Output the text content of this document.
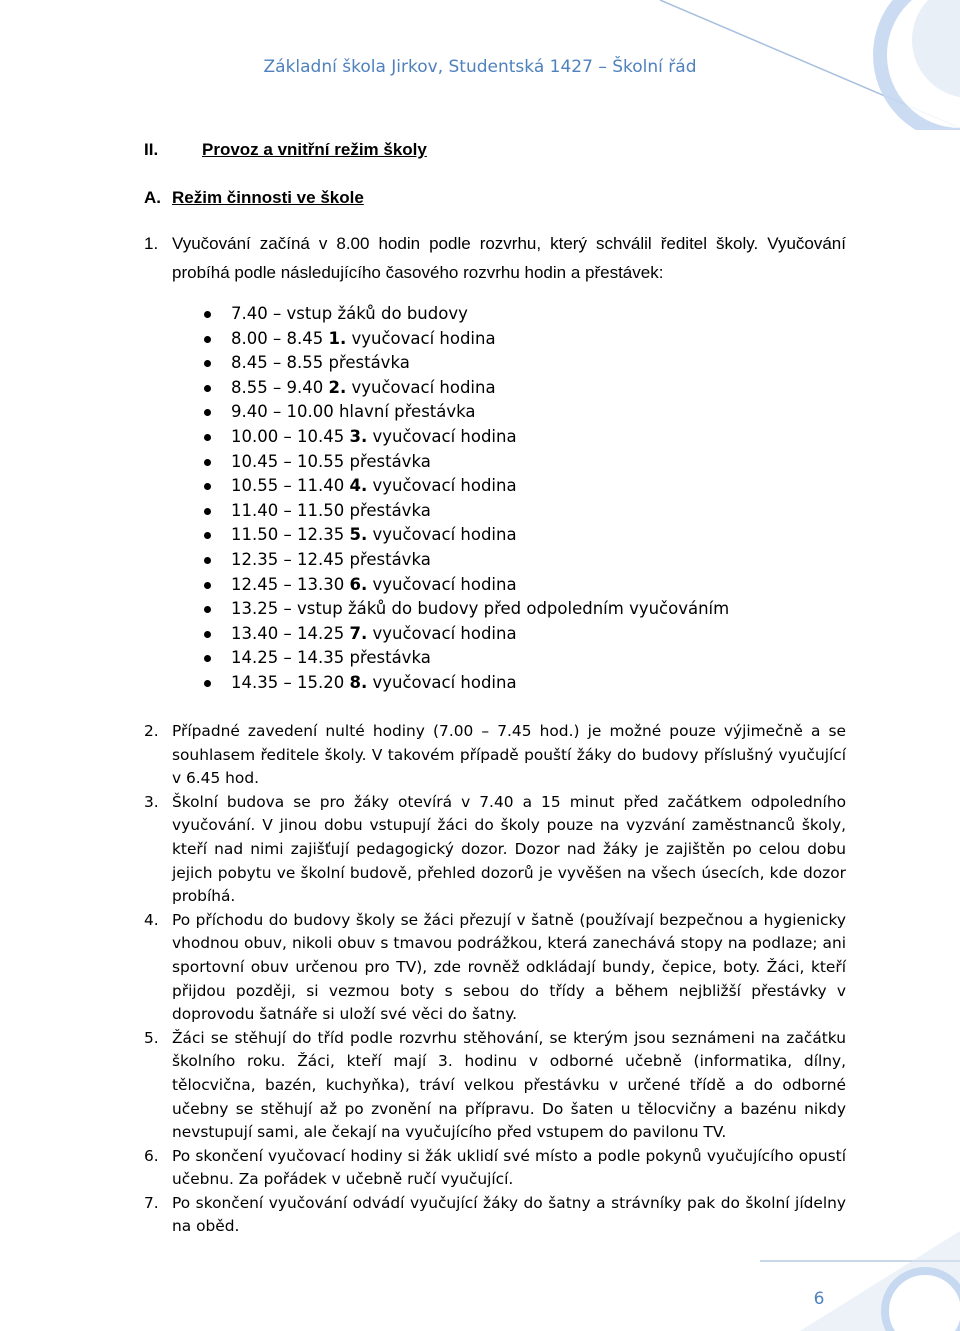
Základní škola Jirkov, Studentská 1427 – Školní řád
II.	Provoz a vnitřní režim školy
A. Režim činnosti ve škole
1. Vyučování začíná v 8.00 hodin podle rozvrhu, který schválil ředitel školy. Vyučování probíhá podle následujícího časového rozvrhu hodin a přestávek:
7.40 – vstup žáků do budovy
8.00 – 8.45 1. vyučovací hodina
8.45 – 8.55 přestávka
8.55 – 9.40 2. vyučovací hodina
9.40 – 10.00 hlavní přestávka
10.00 – 10.45 3. vyučovací hodina
10.45 – 10.55 přestávka
10.55 – 11.40 4. vyučovací hodina
11.40 – 11.50 přestávka
11.50 – 12.35 5. vyučovací hodina
12.35 – 12.45 přestávka
12.45 – 13.30 6. vyučovací hodina
13.25 – vstup žáků do budovy před odpoledním vyučováním
13.40 – 14.25 7. vyučovací hodina
14.25 – 14.35 přestávka
14.35 – 15.20 8. vyučovací hodina
2. Případné zavedení nulté hodiny (7.00 – 7.45 hod.) je možné pouze výjimečně a se souhlasem ředitele školy. V takovém případě pouští žáky do budovy příslušný vyučující v 6.45 hod.
3. Školní budova se pro žáky otevírá v 7.40 a 15 minut před začátkem odpoledního vyučování. V jinou dobu vstupují žáci do školy pouze na vyzvání zaměstnanců školy, kteří nad nimi zajišťují pedagogický dozor. Dozor nad žáky je zajištěn po celou dobu jejich pobytu ve školní budově, přehled dozorů je vyvěšen na všech úsecích, kde dozor probíhá.
4. Po příchodu do budovy školy se žáci přezují v šatně (používají bezpečnou a hygienicky vhodnou obuv, nikoli obuv s tmavou podrážkou, která zanechává stopy na podlaze; ani sportovní obuv určenou pro TV), zde rovněž odkládají bundy, čepice, boty. Žáci, kteří přijdou později, si vezmou boty s sebou do třídy a během nejbližší přestávky v doprovodu šatnáře si uloží své věci do šatny.
5. Žáci se stěhují do tříd podle rozvrhu stěhování, se kterým jsou seznámeni na začátku školního roku. Žáci, kteří mají 3. hodinu v odborné učebně (informatika, dílny, tělocvična, bazén, kuchyňka), tráví velkou přestávku v určené třídě a do odborné učebny se stěhují až po zvonění na přípravu. Do šaten u tělocvičny a bazénu nikdy nevstupují sami, ale čekají na vyučujícího před vstupem do pavilonu TV.
6. Po skončení vyučovací hodiny si žák uklidí své místo a podle pokynů vyučujícího opustí učebnu. Za pořádek v učebně ručí vyučující.
7. Po skončení vyučování odvádí vyučující žáky do šatny a strávníky pak do školní jídelny na oběd.
6
